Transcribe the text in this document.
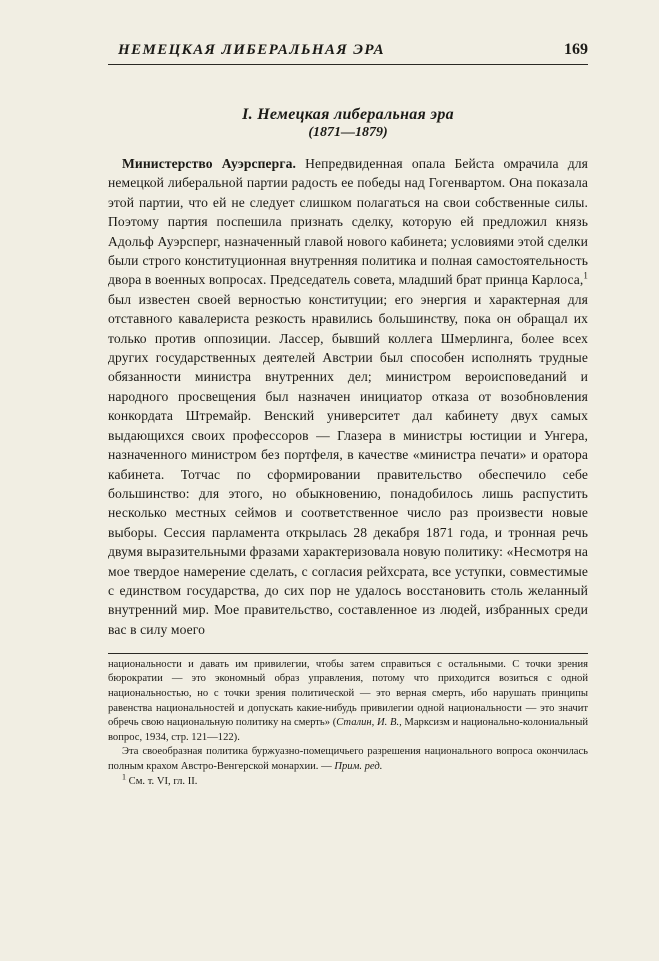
НЕМЕЦКАЯ ЛИБЕРАЛЬНАЯ ЭРА	169
I. Немецкая либеральная эра
(1871—1879)

Министерство Ауэрсперга. Непредвиденная опала Бейста омрачила для немецкой либеральной партии радость ее победы над Гогенвартом. Она показала этой партии, что ей не следует слишком полагаться на свои собственные силы. Поэтому партия поспешила признать сделку, которую ей предложил князь Адольф Ауэрсперг, назначенный главой нового кабинета; условиями этой сделки были строго конституционная внутренняя политика и полная самостоятельность двора в военных вопросах. Председатель совета, младший брат принца Карлоса,$^1$ был известен своей верностью конституции; его энергия и характерная для отставного кавалериста резкость нравились большинству, пока он обращал их только против оппозиции. Лассер, бывший коллега Шмерлинга, более всех других государственных деятелей Австрии был способен исполнять трудные обязанности министра внутренних дел; министром вероисповеданий и народного просвещения был назначен инициатор отказа от возобновления конкордата Штремайр. Венский университет дал кабинету двух самых выдающихся своих профессоров — Глазера в министры юстиции и Унгера, назначенного министром без портфеля, в качестве «министра печати» и оратора кабинета. Тотчас по сформировании правительство обеспечило себе большинство: для этого, но обыкновению, понадобилось лишь распустить несколько местных сеймов и соответственное число раз произвести новые выборы. Сессия парламента открылась 28 декабря 1871 года, и тронная речь двумя выразительными фразами характеризовала новую политику: «Несмотря на мое твердое намерение сделать, с согласия рейхсрата, все уступки, совместимые с единством государства, до сих пор не удалось восстановить столь желанный внутренний мир. Мое правительство, составленное из людей, избранных среди вас в силу моего

национальности и давать им привилегии, чтобы затем справиться с остальными. С точки зрения бюрократии — это экономный образ управления, потому что приходится возиться с одной национальностью, но с точки зрения политической — это верная смерть, ибо нарушать принципы равенства национальностей и допускать какие-нибудь привилегии одной национальности — это значит обречь свою национальную политику на смерть» (Сталин, И. В., Марксизм и национально-колониальный вопрос, 1934, стр. 121—122).

Эта своеобразная политика буржуазно-помещичьего разрешения национального вопроса окончилась полным крахом Австро-Венгерской монархии. — Прим. ред.

$^1$ См. т. VI, гл. II.
